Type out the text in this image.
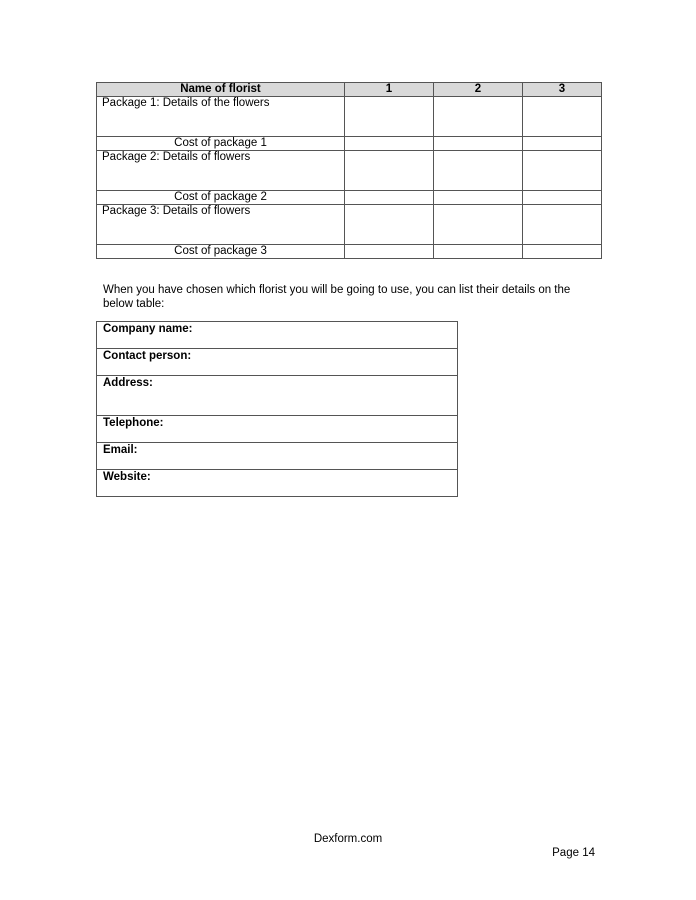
Name of florist	1	2	3
Package 1: Details of the flowers			
Cost of package 1			
Package 2: Details of flowers			
Cost of package 2			
Package 3: Details of flowers			
Cost of package 3			

When you have chosen which florist you will be going to use, you can list their details on the below table:

Company name:
Contact person:
Address:
Telephone:
Email:
Website:
Dexform.com
Page 14
